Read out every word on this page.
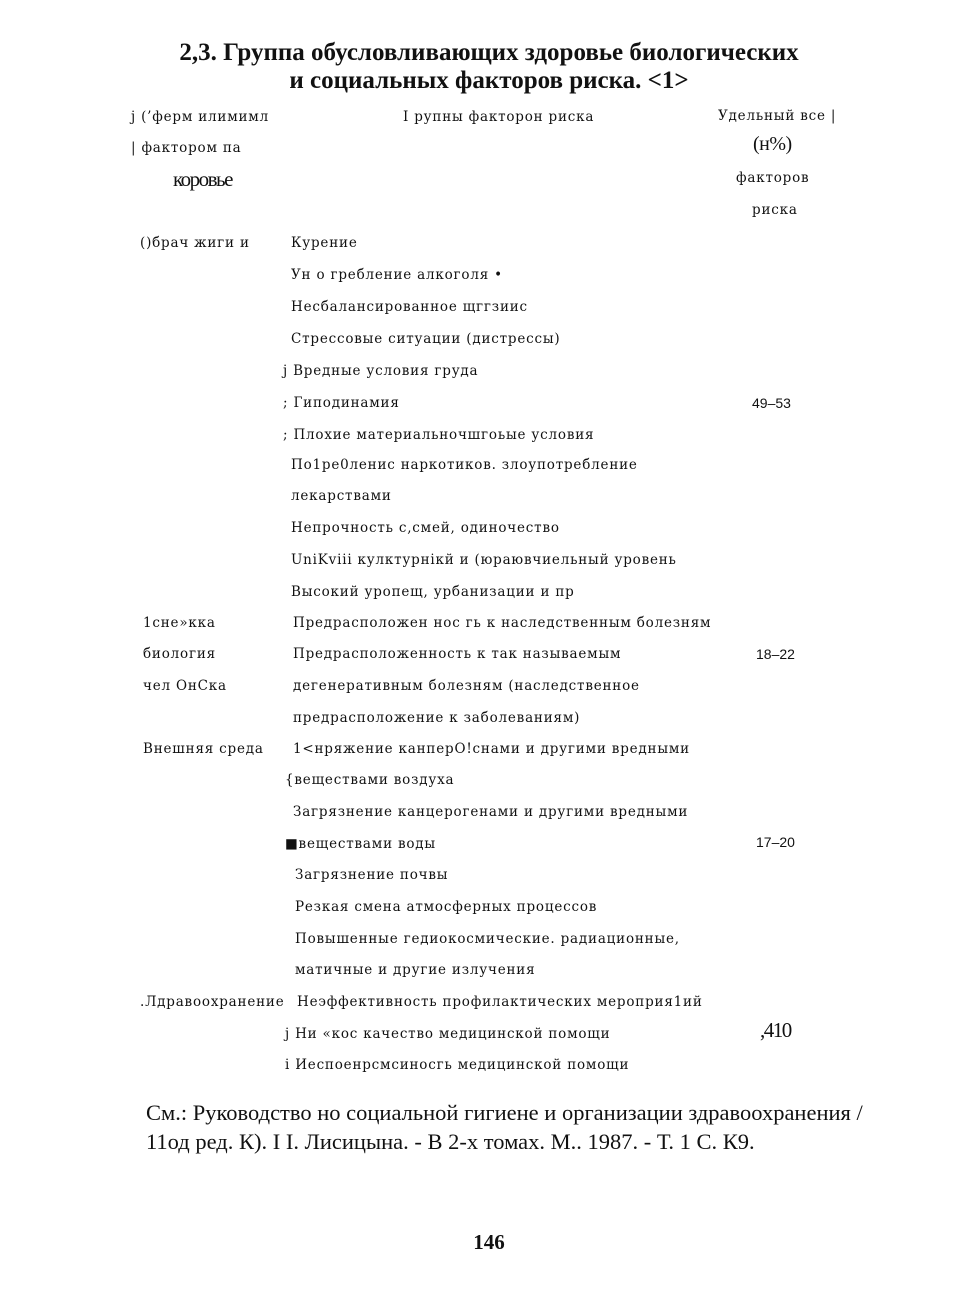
2,3. Группа обусловливающих здоровье биологических
и социальных факторов риска. <1>
j (’ферм илимимл
| фактором па
коровье
I рупны факторон риска	Удельный все |
(н%)
факторов
риска
()брач жиги и	Курение
Ун о гребление алкоголя •
Несбалансированное щггзиис
Стрессовые ситуации (дистрессы)
j Вредные условия груда
; Гиподинамия
; Плохие материальночшгоьые условия
По1ре0ленис наркотиков. злоупотребление
лекарствами
Непрочность с,смей, одиночество
UniKviii кулктурнікй и (юраювчиельный уровень
Высокий уропещ, урбанизации и пр
49–53
1сне»кка
биология
чел ОнСка
Предрасположен нос гь к наследственным болезням
Предрасположенность к так называемым
дегенеративным болезням (наследственное
предрасположение к заболеваниям)
18–22
Внешняя среда 1<нряжение канперО!снами и другими вредными
{веществами воздуха
Загрязнение канцерогенами и другими вредными
■веществами воды
Загрязнение почвы
Резкая смена атмосферных процессов
Повышенные гедиокосмические. радиационные,
матичные и другие излучения
17–20
.Лдравоохранение Неэффективность профилактических мероприя1ий
j Ни «кос качество медицинской помощи
i Иеспоенрсмсиносгь медицинской помощи
,410
См.: Руководство но социальной гигиене и организации здравоохранения / 11од ред. К). I I. Лисицына. - В 2-х томах. М.. 1987. - Т. 1 С. К9.
146
